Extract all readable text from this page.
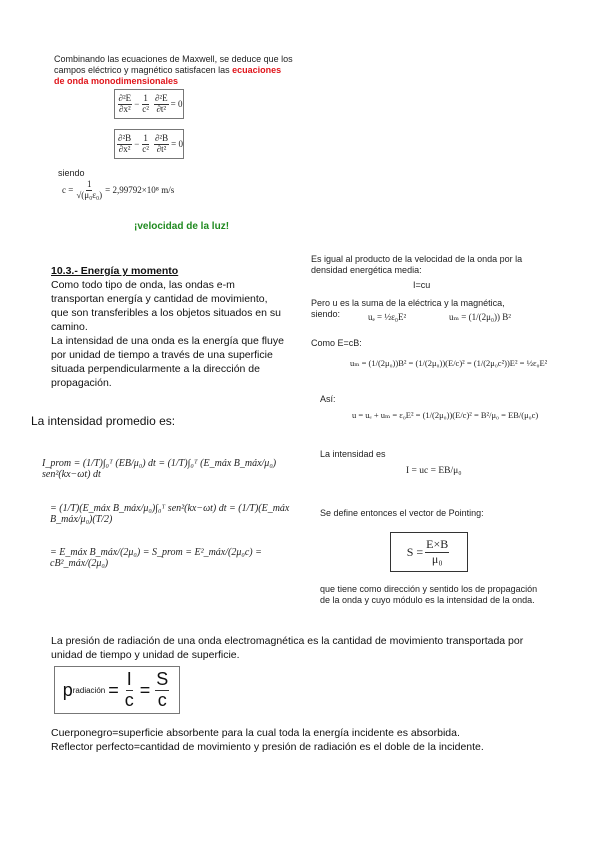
Combinando las ecuaciones de Maxwell, se deduce que los
campos eléctrico y magnético satisfacen las ecuaciones
de onda monodimensionales
$\frac{\text{∂²E}}{\text{∂x²}} - \frac{1}{\text{c²}} \frac{\text{∂²E}}{\text{∂t²}} = 0$
$\frac{\text{∂²B}}{\text{∂x²}} - \frac{1}{\text{c²}} \frac{\text{∂²B}}{\text{∂t²}} = 0$
siendo
$c = \frac{1}{\text{√(μ₀ε₀)}} = 2,99792\times 10^8$ m/s
¡velocidad de la luz!
10.3.- Energía y momento
Como todo tipo de onda, las ondas e-m
transportan energía y cantidad de movimiento,
que son transferibles a los objetos situados en su
camino.
La intensidad de una onda es la energía que fluye
por unidad de tiempo a través de una superficie
situada perpendicularmente a la dirección de
propagación.
La intensidad promedio es:
I_prom = (1/T)∫₀ᵀ (EB/μ₀) dt = (1/T)∫₀ᵀ (E_máx B_máx/μ₀) sen²(kx−ωt) dt
= (1/T)(E_máx B_máx/μ₀)∫₀ᵀ sen²(kx−ωt) dt = (1/T)(E_máx B_máx/μ₀)(T/2)
= E_máx B_máx/(2μ₀) = S_prom = E²_máx/(2μ₀c) = cB²_máx/(2μ₀)
Es igual al producto de la velocidad de la onda por la
densidad energética media:
I=cu
Pero u es la suma de la eléctrica y la magnética,
siendo:	uₑ = ½ε₀E²	uₘ = (1/(2μ₀)) B²
Como E=cB:
uₘ = (1/(2μ₀))B² = (1/(2μ₀))(E/c)² = (1/(2μ₀c²))E² = ½ε₀E²
Así:
u = uₑ + uₘ = ε₀E² = (1/(2μ₀))(E/c)² = B²/μ₀ = EB/(μ₀c)
La intensidad es
I = uc = EB/μ₀
Se define entonces el vector de Pointing:
$S = \frac{E\times B}{\text{μ₀}}$
que tiene como dirección y sentido los de propagación
de la onda y cuyo módulo es la intensidad de la onda.
La presión de radiación de una onda electromagnética es la cantidad de movimiento transportada por
unidad de tiempo y unidad de superficie.
p radiación = $\frac{I}{c} = \frac{S}{c}$
Cuerponegro=superficie absorbente para la cual toda la energía incidente es absorbida.
Reflector perfecto=cantidad de movimiento y presión de radiación es el doble de la incidente.
